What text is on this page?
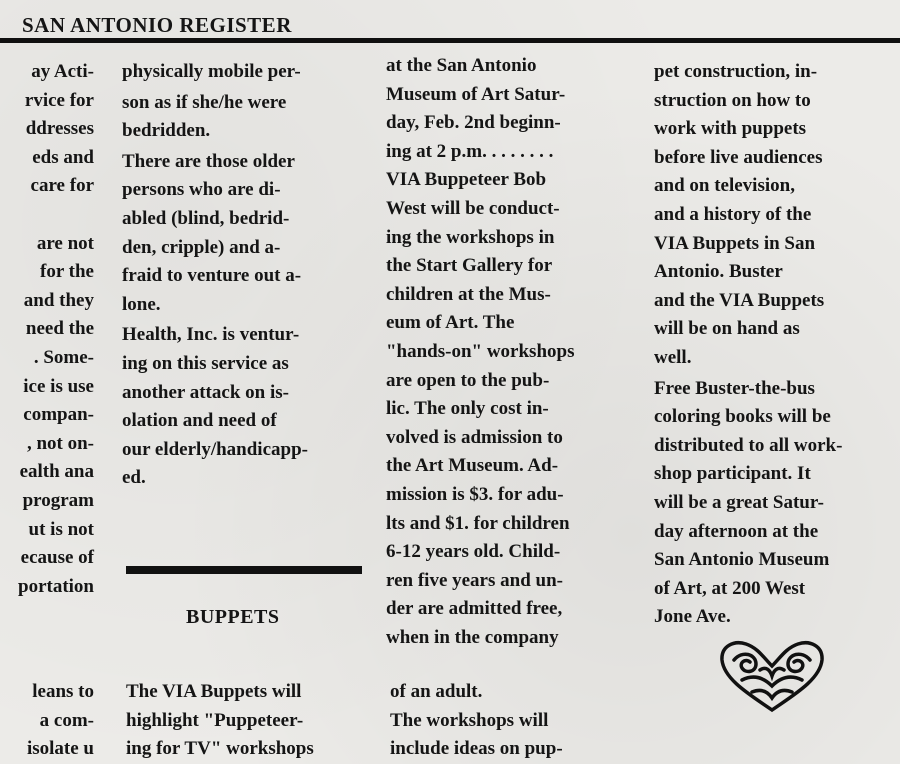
SAN ANTONIO REGISTER
ay Acti-
rvice for
ddresses
eds and
care for
are not
for the
and they
need the
. Some-
ice is use
compan-
, not on-
ealth ana
program
ut is not
ecause of
portation
physically mobile per-
son as if she/he were
bedridden.
There are those older
persons who are di-
abled (blind, bedrid-
den, cripple) and a-
fraid to venture out a-
lone.
Health, Inc. is ventur-
ing on this service as
another attack on is-
olation and need of
our elderly/handicapp-
ed.
at the San Antonio
Museum of Art Satur-
day, Feb. 2nd beginn-
ing at 2 p.m. . . . . . . .
VIA Buppeteer Bob
West will be conduct-
ing the workshops in
the Start Gallery for
children at the Mus-
eum of Art. The
"hands-on" workshops
are open to the pub-
lic. The only cost in-
volved is admission to
the Art Museum. Ad-
mission is $3. for adu-
lts and $1. for children
6-12 years old. Child-
ren five years and un-
der are admitted free,
when in the company
pet construction, in-
struction on how to
work with puppets
before live audiences
and on television,
and a history of the
VIA Buppets in San
Antonio. Buster
and the VIA Buppets
will be on hand as
well.
Free Buster-the-bus
coloring books will be
distributed to all work-
shop participant. It
will be a great Satur-
day afternoon at the
San Antonio Museum
of Art, at 200 West
Jone Ave.
BUPPETS
leans to
a com-
isolate u
The VIA Buppets will
highlight "Puppeteer-
ing for TV" workshops
of an adult.
The workshops will
include ideas on pup-
